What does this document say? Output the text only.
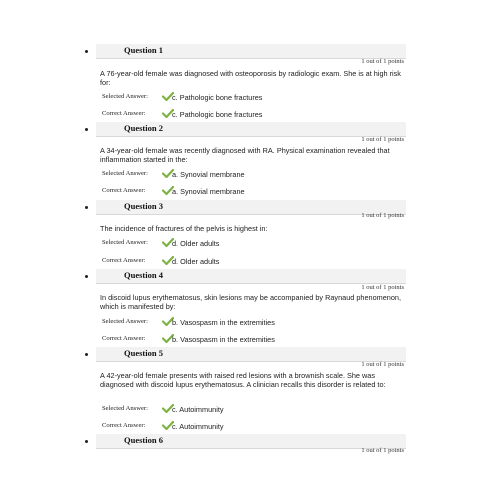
Question 1
1 out of 1 points
A 76-year-old female was diagnosed with osteoporosis by radiologic exam. She is at high risk for:
Selected Answer:	c. Pathologic bone fractures
Correct Answer:	c. Pathologic bone fractures
Question 2
1 out of 1 points
A 34-year-old female was recently diagnosed with RA. Physical examination revealed that inflammation started in the:
Selected Answer:	a. Synovial membrane
Correct Answer:	a. Synovial membrane
Question 3
1 out of 1 points
The incidence of fractures of the pelvis is highest in:
Selected Answer:	d. Older adults
Correct Answer:	d. Older adults
Question 4
1 out of 1 points
In discoid lupus erythematosus, skin lesions may be accompanied by Raynaud phenomenon, which is manifested by:
Selected Answer:	b. Vasospasm in the extremities
Correct Answer:	b. Vasospasm in the extremities
Question 5
1 out of 1 points
A 42-year-old female presents with raised red lesions with a brownish scale. She was diagnosed with discoid lupus erythematosus. A clinician recalls this disorder is related to:
Selected Answer:	c. Autoimmunity
Correct Answer:	c. Autoimmunity
Question 6
1 out of 1 points
